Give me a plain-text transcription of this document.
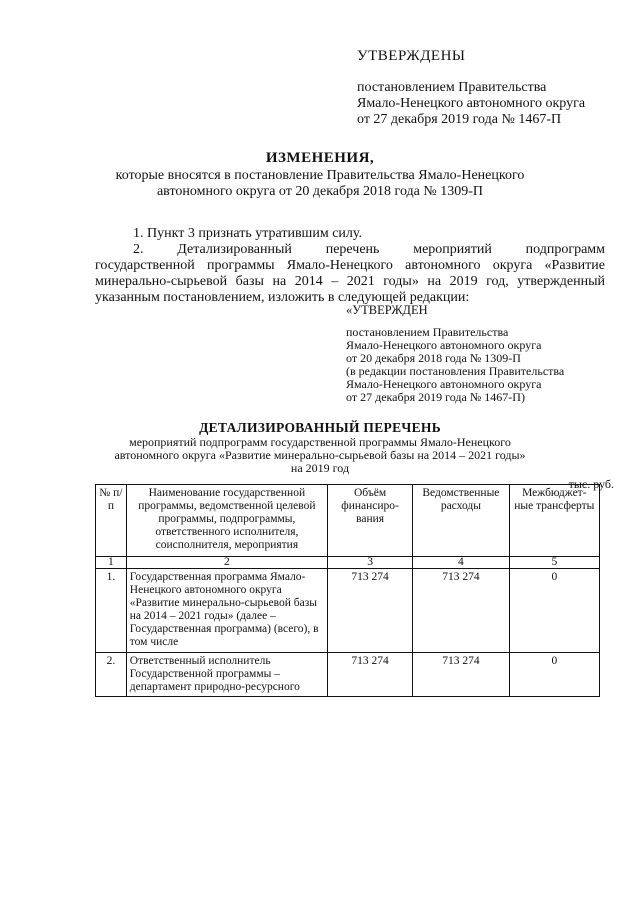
УТВЕРЖДЕНЫ
постановлением Правительства
Ямало-Ненецкого автономного округа
от 27 декабря 2019 года № 1467-П
ИЗМЕНЕНИЯ,
которые вносятся в постановление Правительства Ямало-Ненецкого
автономного округа от 20 декабря 2018 года № 1309-П
1. Пункт 3 признать утратившим силу.
2. Детализированный перечень мероприятий подпрограмм
государственной программы Ямало-Ненецкого автономного округа «Развитие
минерально-сырьевой базы на 2014 – 2021 годы» на 2019 год, утвержденный
указанным постановлением, изложить в следующей редакции:
«УТВЕРЖДЕН
постановлением Правительства
Ямало-Ненецкого автономного округа
от 20 декабря 2018 года № 1309-П
(в редакции постановления Правительства
Ямало-Ненецкого автономного округа
от 27 декабря 2019 года № 1467-П)
ДЕТАЛИЗИРОВАННЫЙ ПЕРЕЧЕНЬ
мероприятий подпрограмм государственной программы Ямало-Ненецкого
автономного округа «Развитие минерально-сырьевой базы на 2014 – 2021 годы»
на 2019 год
тыс. руб.
№ п/п	Наименование государственной программы, ведомственной целевой программы, подпрограммы, ответственного исполнителя, соисполнителя, мероприятия	Объём финансиро-вания	Ведомственные расходы	Межбюджет-ные трансферты
1	2	3	4	5
1.	Государственная программа Ямало-Ненецкого автономного округа «Развитие минерально-сырьевой базы на 2014 – 2021 годы» (далее – Государственная программа) (всего), в том числе	713 274	713 274	0
2.	Ответственный исполнитель Государственной программы – департамент природно-ресурсного	713 274	713 274	0
